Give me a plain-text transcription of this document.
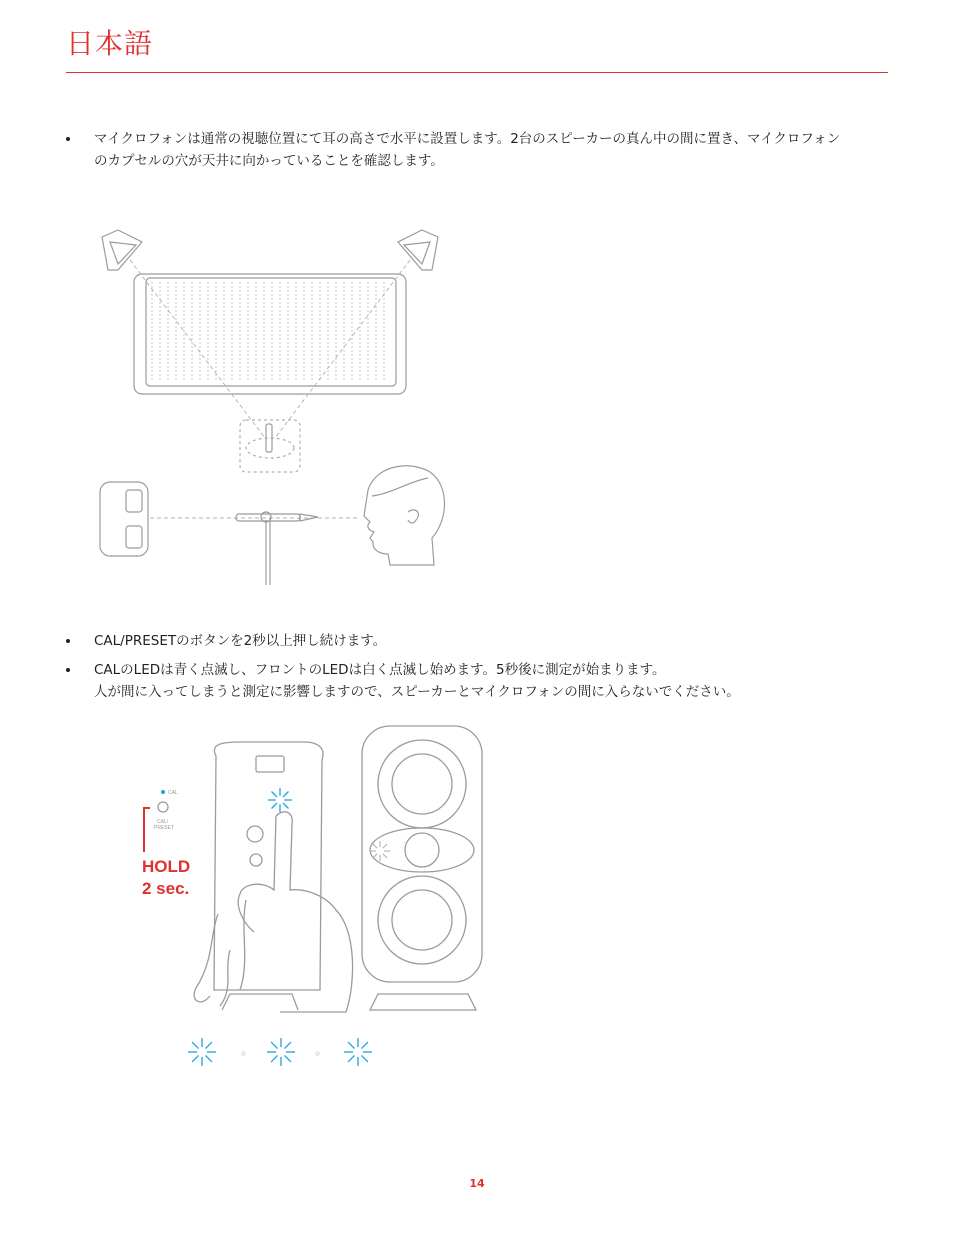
日本語
マイクロフォンは通常の視聴位置にて耳の高さで水平に設置します。2台のスピーカーの真ん中の間に置き、マイクロフォン
のカプセルの穴が天井に向かっていることを確認します。
CAL/PRESETのボタンを2秒以上押し続けます。
CALのLEDは青く点滅し、フロントのLEDは白く点滅し始めます。5秒後に測定が始まります。
人が間に入ってしまうと測定に影響しますので、スピーカーとマイクロフォンの間に入らないでください。
CAL
CAL/
PRESET
HOLD
2 sec.
◦	◦
14
